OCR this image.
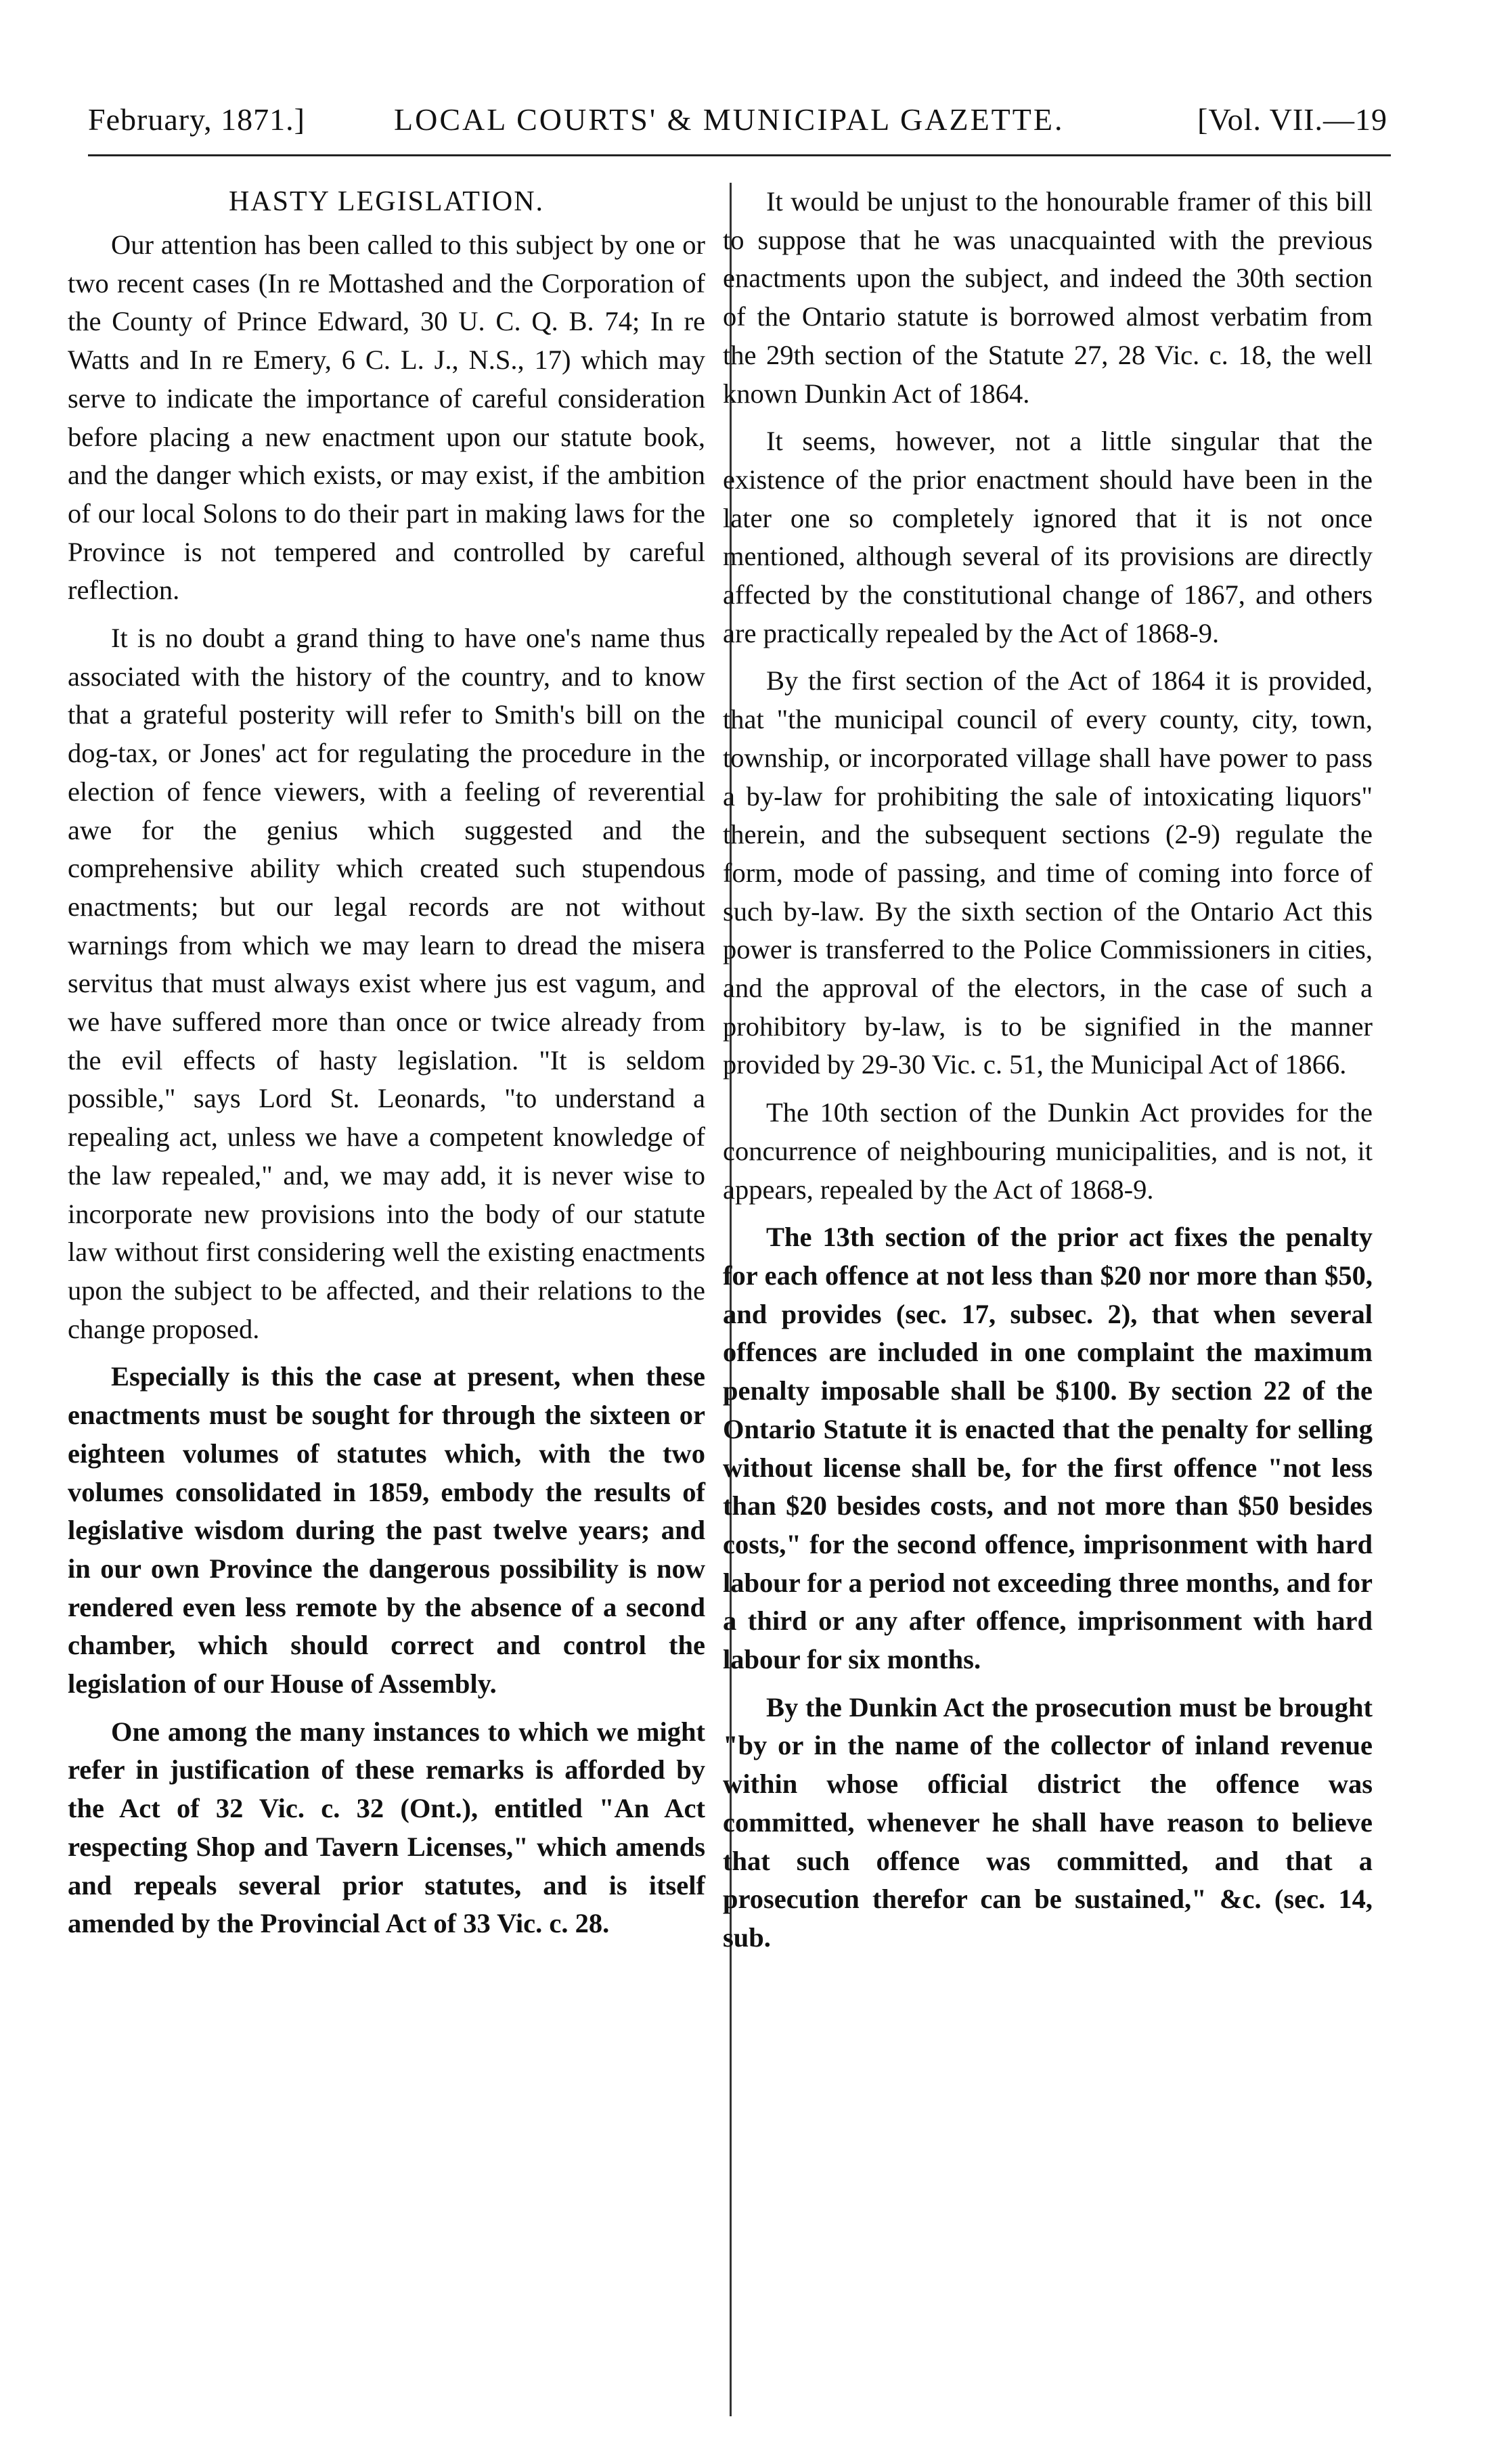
February, 1871.]	LOCAL COURTS' & MUNICIPAL GAZETTE.	[Vol. VII.—19
HASTY LEGISLATION.

Our attention has been called to this subject by one or two recent cases (In re Mottashed and the Corporation of the County of Prince Edward, 30 U. C. Q. B. 74; In re Watts and In re Emery, 6 C. L. J., N.S., 17) which may serve to indicate the importance of careful consideration before placing a new enactment upon our statute book, and the danger which exists, or may exist, if the ambition of our local Solons to do their part in making laws for the Province is not tempered and controlled by careful reflection.

It is no doubt a grand thing to have one's name thus associated with the history of the country, and to know that a grateful posterity will refer to Smith's bill on the dog-tax, or Jones' act for regulating the procedure in the election of fence viewers, with a feeling of reverential awe for the genius which suggested and the comprehensive ability which created such stupendous enactments; but our legal records are not without warnings from which we may learn to dread the misera servitus that must always exist where jus est vagum, and we have suffered more than once or twice already from the evil effects of hasty legislation. "It is seldom possible," says Lord St. Leonards, "to understand a repealing act, unless we have a competent knowledge of the law repealed," and, we may add, it is never wise to incorporate new provisions into the body of our statute law without first considering well the existing enactments upon the subject to be affected, and their relations to the change proposed.

Especially is this the case at present, when these enactments must be sought for through the sixteen or eighteen volumes of statutes which, with the two volumes consolidated in 1859, embody the results of legislative wisdom during the past twelve years; and in our own Province the dangerous possibility is now rendered even less remote by the absence of a second chamber, which should correct and control the legislation of our House of Assembly.

One among the many instances to which we might refer in justification of these remarks is afforded by the Act of 32 Vic. c. 32 (Ont.), entitled "An Act respecting Shop and Tavern Licenses," which amends and repeals several prior statutes, and is itself amended by the Provincial Act of 33 Vic. c. 28.

It would be unjust to the honourable framer of this bill to suppose that he was unacquainted with the previous enactments upon the subject, and indeed the 30th section of the Ontario statute is borrowed almost verbatim from the 29th section of the Statute 27, 28 Vic. c. 18, the well known Dunkin Act of 1864.

It seems, however, not a little singular that the existence of the prior enactment should have been in the later one so completely ignored that it is not once mentioned, although several of its provisions are directly affected by the constitutional change of 1867, and others are practically repealed by the Act of 1868-9.

By the first section of the Act of 1864 it is provided, that "the municipal council of every county, city, town, township, or incorporated village shall have power to pass a by-law for prohibiting the sale of intoxicating liquors" therein, and the subsequent sections (2-9) regulate the form, mode of passing, and time of coming into force of such by-law. By the sixth section of the Ontario Act this power is transferred to the Police Commissioners in cities, and the approval of the electors, in the case of such a prohibitory by-law, is to be signified in the manner provided by 29-30 Vic. c. 51, the Municipal Act of 1866.

The 10th section of the Dunkin Act provides for the concurrence of neighbouring municipalities, and is not, it appears, repealed by the Act of 1868-9.

The 13th section of the prior act fixes the penalty for each offence at not less than $20 nor more than $50, and provides (sec. 17, subsec. 2), that when several offences are included in one complaint the maximum penalty imposable shall be $100. By section 22 of the Ontario Statute it is enacted that the penalty for selling without license shall be, for the first offence "not less than $20 besides costs, and not more than $50 besides costs," for the second offence, imprisonment with hard labour for a period not exceeding three months, and for a third or any after offence, imprisonment with hard labour for six months.

By the Dunkin Act the prosecution must be brought "by or in the name of the collector of inland revenue within whose official district the offence was committed, whenever he shall have reason to believe that such offence was committed, and that a prosecution therefor can be sustained," &c. (sec. 14, sub.
